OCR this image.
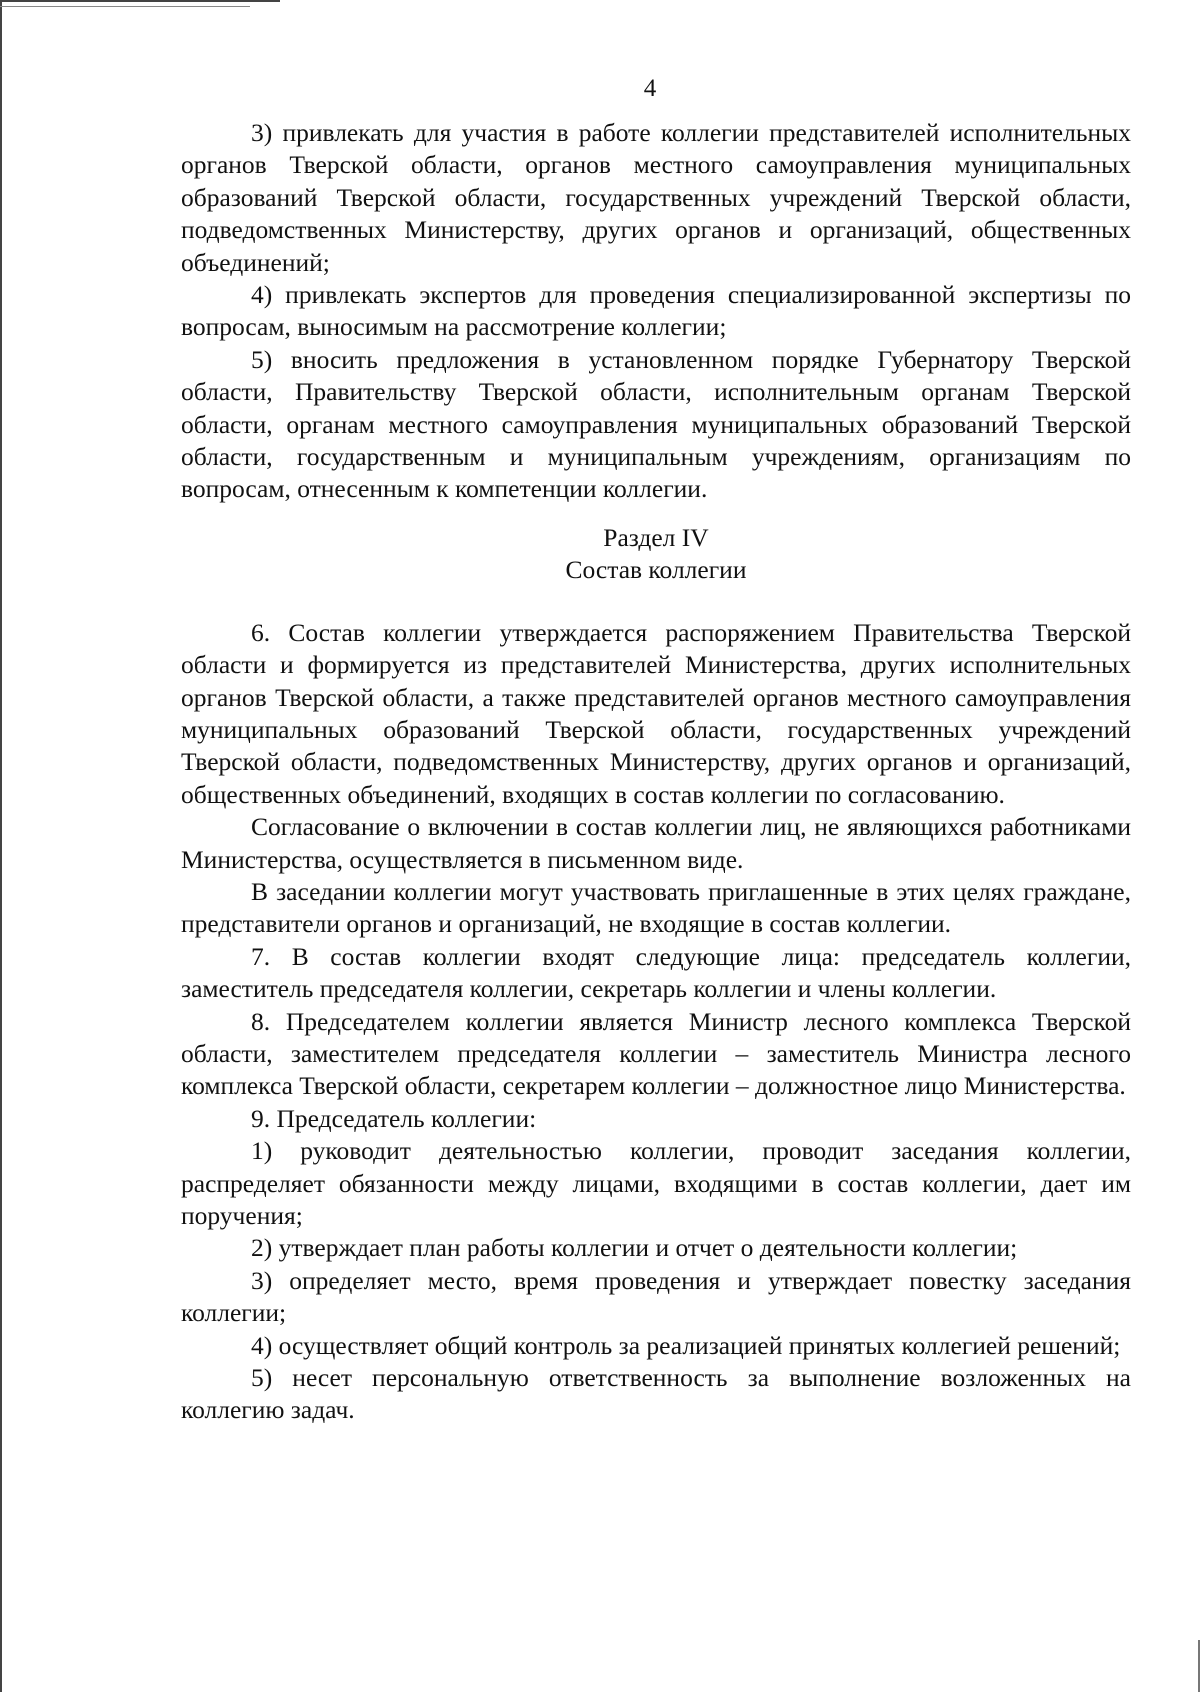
4

3) привлекать для участия в работе коллегии представителей исполнительных органов Тверской области, органов местного самоуправления муниципальных образований Тверской области, государственных учреждений Тверской области, подведомственных Министерству, других органов и организаций, общественных объединений;

4) привлекать экспертов для проведения специализированной экспертизы по вопросам, выносимым на рассмотрение коллегии;

5) вносить предложения в установленном порядке Губернатору Тверской области, Правительству Тверской области, исполнительным органам Тверской области, органам местного самоуправления муниципальных образований Тверской области, государственным и муниципальным учреждениям, организациям по вопросам, отнесенным к компетенции коллегии.

Раздел IV
Состав коллегии

6. Состав коллегии утверждается распоряжением Правительства Тверской области и формируется из представителей Министерства, других исполнительных органов Тверской области, а также представителей органов местного самоуправления муниципальных образований Тверской области, государственных учреждений Тверской области, подведомственных Министерству, других органов и организаций, общественных объединений, входящих в состав коллегии по согласованию.

Согласование о включении в состав коллегии лиц, не являющихся работниками Министерства, осуществляется в письменном виде.

В заседании коллегии могут участвовать приглашенные в этих целях граждане, представители органов и организаций, не входящие в состав коллегии.

7. В состав коллегии входят следующие лица: председатель коллегии, заместитель председателя коллегии, секретарь коллегии и члены коллегии.

8. Председателем коллегии является Министр лесного комплекса Тверской области, заместителем председателя коллегии – заместитель Министра лесного комплекса Тверской области, секретарем коллегии – должностное лицо Министерства.

9. Председатель коллегии:

1) руководит деятельностью коллегии, проводит заседания коллегии, распределяет обязанности между лицами, входящими в состав коллегии, дает им поручения;

2) утверждает план работы коллегии и отчет о деятельности коллегии;

3) определяет место, время проведения и утверждает повестку заседания коллегии;

4) осуществляет общий контроль за реализацией принятых коллегией решений;

5) несет персональную ответственность за выполнение возложенных на коллегию задач.
